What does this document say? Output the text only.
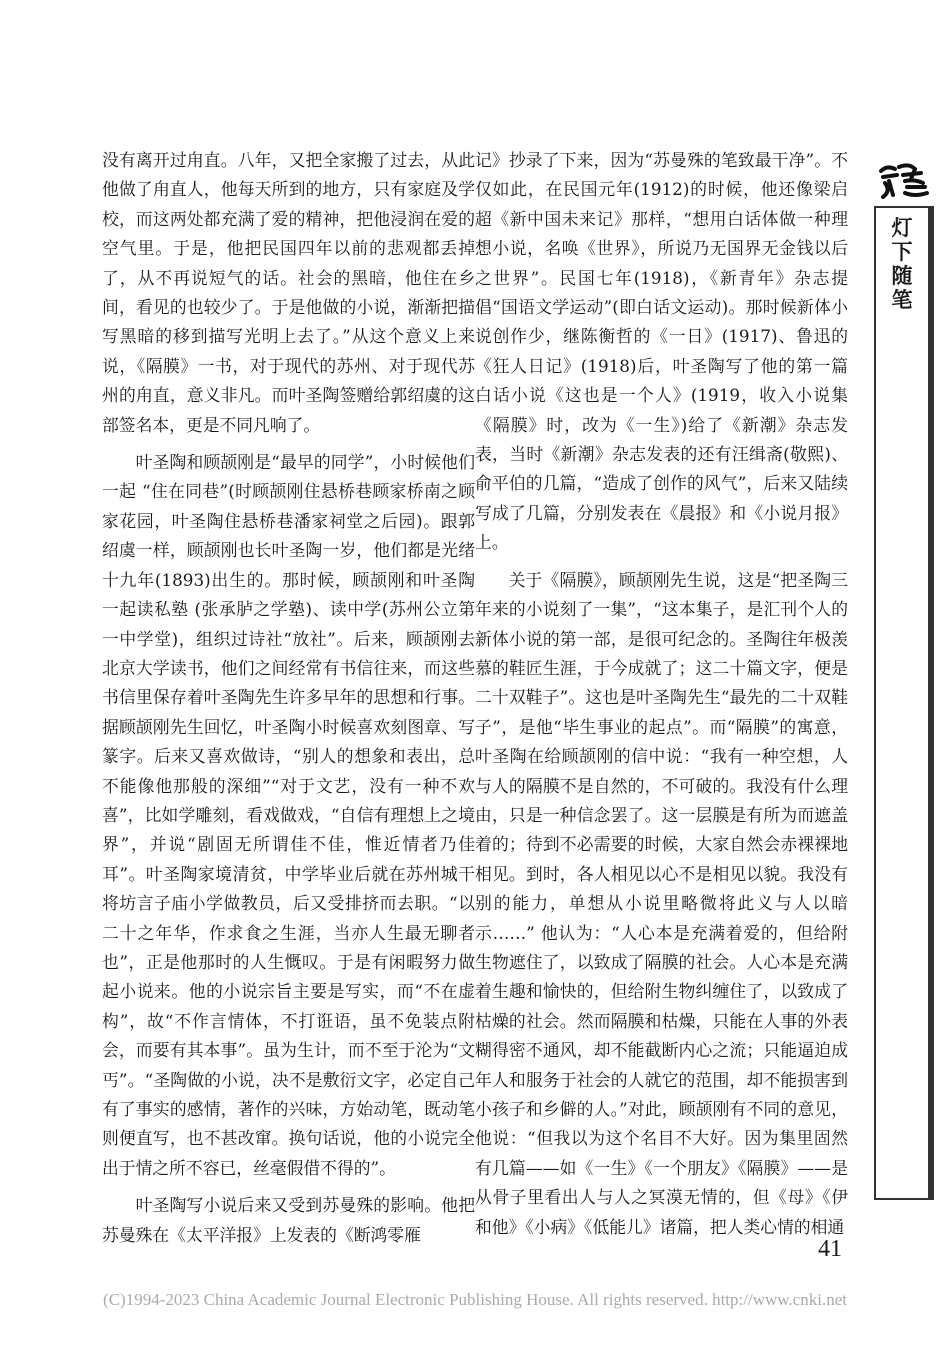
没有离开过甪直。八年，又把全家搬了过去，从此他做了甪直人，他每天所到的地方，只有家庭及学校，而这两处都充满了爱的精神，把他浸润在爱的空气里。于是，他把民国四年以前的悲观都丢掉了，从不再说短气的话。社会的黑暗，他住在乡间，看见的也较少了。于是他做的小说，渐渐把描写黑暗的移到描写光明上去了。”从这个意义上来说，《隔膜》一书，对于现代的苏州、对于现代苏州的甪直，意义非凡。而叶圣陶签赠给郭绍虞的这部签名本，更是不同凡响了。

叶圣陶和顾颉刚是“最早的同学”，小时候他们一起 “住在同巷”(时顾颉刚住悬桥巷顾家桥南之顾家花园，叶圣陶住悬桥巷潘家祠堂之后园)。跟郭绍虞一样，顾颉刚也长叶圣陶一岁，他们都是光绪十九年(1893)出生的。那时候，顾颉刚和叶圣陶一起读私塾 (张承胪之学塾)、读中学(苏州公立第一中学堂)，组织过诗社“放社”。后来，顾颉刚去北京大学读书，他们之间经常有书信往来，而这些书信里保存着叶圣陶先生许多早年的思想和行事。据顾颉刚先生回忆，叶圣陶小时候喜欢刻图章、写篆字。后来又喜欢做诗，“别人的想象和表出，总不能像他那般的深细”“对于文艺，没有一种不欢喜”，比如学雕刻，看戏做戏，“自信有理想上之境界”，并说“剧固无所谓佳不佳，惟近情者乃佳耳”。叶圣陶家境清贫，中学毕业后就在苏州城干将坊言子庙小学做教员，后又受排挤而去职。“以二十之年华，作求食之生涯，当亦人生最无聊者也”，正是他那时的人生慨叹。于是有闲暇努力做起小说来。他的小说宗旨主要是写实，而“不在虚构”，故“不作言情体，不打诳语，虽不免装点附会，而要有其本事”。虽为生计，而不至于沦为“文丐”。“圣陶做的小说，决不是敷衍文字，必定自己有了事实的感情，著作的兴味，方始动笔，既动笔则便直写，也不甚改窜。换句话说，他的小说完全出于情之所不容已，丝毫假借不得的”。

叶圣陶写小说后来又受到苏曼殊的影响。他把苏曼殊在《太平洋报》上发表的《断鸿零雁

记》抄录了下来，因为“苏曼殊的笔致最干净”。不仅如此，在民国元年(1912)的时候，他还像梁启超《新中国未来记》那样，“想用白话体做一种理想小说，名唤《世界》，所说乃无国界无金钱以后之世界”。民国七年(1918)，《新青年》杂志提倡“国语文学运动”(即白话文运动)。那时候新体小说创作少，继陈衡哲的《一日》(1917)、鲁迅的《狂人日记》(1918)后，叶圣陶写了他的第一篇白话小说《这也是一个人》(1919，收入小说集《隔膜》时，改为《一生》)给了《新潮》杂志发表，当时《新潮》杂志发表的还有汪缉斋(敬熙)、俞平伯的几篇，“造成了创作的风气”，后来又陆续写成了几篇，分别发表在《晨报》和《小说月报》上。

关于《隔膜》，顾颉刚先生说，这是“把圣陶三年来的小说刻了一集”，“这本集子，是汇刊个人的新体小说的第一部，是很可纪念的。圣陶往年极羡慕的鞋匠生涯，于今成就了；这二十篇文字，便是二十双鞋子”。这也是叶圣陶先生“最先的二十双鞋子”，是他“毕生事业的起点”。而“隔膜”的寓意，叶圣陶在给顾颉刚的信中说：“我有一种空想，人与人的隔膜不是自然的，不可破的。我没有什么理由，只是一种信念罢了。这一层膜是有所为而遮盖着的；待到不必需要的时候，大家自然会赤裸裸地相见。到时，各人相见以心不是相见以貌。我没有别的能力，单想从小说里略微将此义与人以暗示……” 他认为：“人心本是充满着爱的，但给附生物遮住了，以致成了隔膜的社会。人心本是充满着生趣和愉快的，但给附生物纠缠住了，以致成了枯燥的社会。然而隔膜和枯燥，只能在人事的外表糊得密不通风，却不能截断内心之流；只能逼迫成年人和服务于社会的人就它的范围，却不能损害到小孩子和乡僻的人。”对此，顾颉刚有不同的意见，他说：“但我以为这个名目不大好。因为集里固然有几篇——如《一生》《一个朋友》《隔膜》——是从骨子里看出人与人之冥漠无情的，但《母》《伊和他》《小病》《低能儿》诸篇，把人类心情的相通

散文
灯
下
随
笔
41
(C)1994-2023 China Academic Journal Electronic Publishing House. All rights reserved. http://www.cnki.net
